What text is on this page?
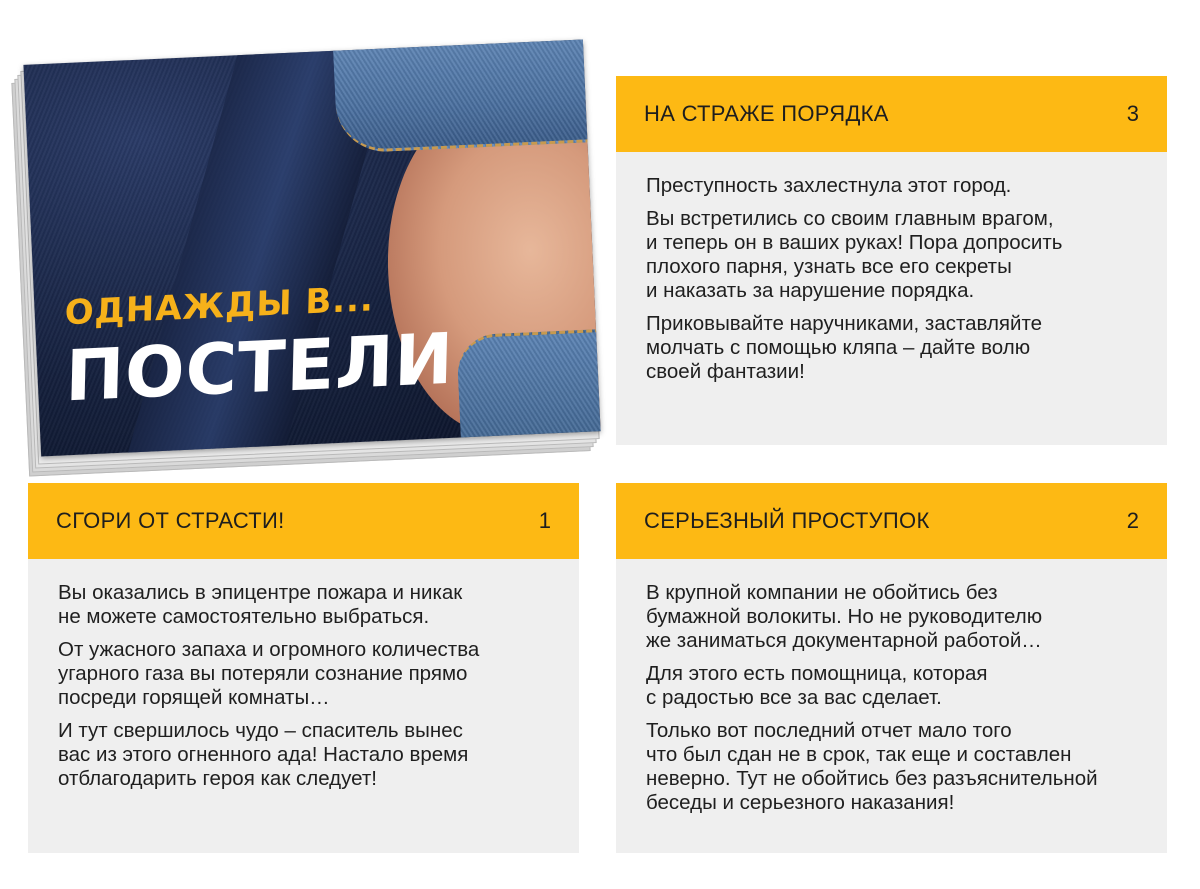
ОДНАЖДЫ В...
ПОСТЕЛИ
НА СТРАЖЕ ПОРЯДКА	3

Преступность захлестнула этот город.

Вы встретились со своим главным врагом,
и теперь он в ваших руках! Пора допросить
плохого парня, узнать все его секреты
и наказать за нарушение порядка.

Приковывайте наручниками, заставляйте
молчать с помощью кляпа – дайте волю
своей фантазии!

СГОРИ ОТ СТРАСТИ!	1

Вы оказались в эпицентре пожара и никак
не можете самостоятельно выбраться.

От ужасного запаха и огромного количества
угарного газа вы потеряли сознание прямо
посреди горящей комнаты…

И тут свершилось чудо – спаситель вынес
вас из этого огненного ада! Настало время
отблагодарить героя как следует!

СЕРЬЕЗНЫЙ ПРОСТУПОК	2

В крупной компании не обойтись без
бумажной волокиты. Но не руководителю
же заниматься документарной работой…

Для этого есть помощница, которая
с радостью все за вас сделает.

Только вот последний отчет мало того
что был сдан не в срок, так еще и составлен
неверно. Тут не обойтись без разъяснительной
беседы и серьезного наказания!
